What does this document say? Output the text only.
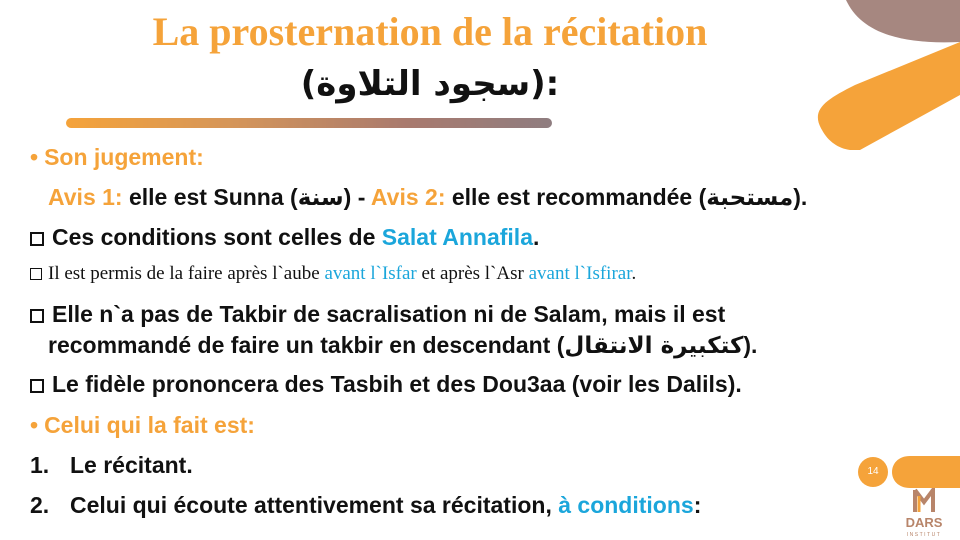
La prosternation de la récitation
(سجود التلاوة):
• Son jugement:
Avis 1: elle est Sunna (سنة) - Avis 2: elle est recommandée (مستحبة).
Ces conditions sont celles de Salat Annafila.
Il est permis de la faire après l`aube avant l`Isfar et après l`Asr avant l`Isfirar.
Elle n`a pas de Takbir de sacralisation ni de Salam, mais il est
recommandé de faire un takbir en descendant (كتكبيرة الانتقال).
Le fidèle prononcera des Tasbih et des Dou3aa (voir les Dalils).
• Celui qui la fait est:
1. Le récitant.
2. Celui qui écoute attentivement sa récitation, à conditions:
14
DARS
INSTITUT
